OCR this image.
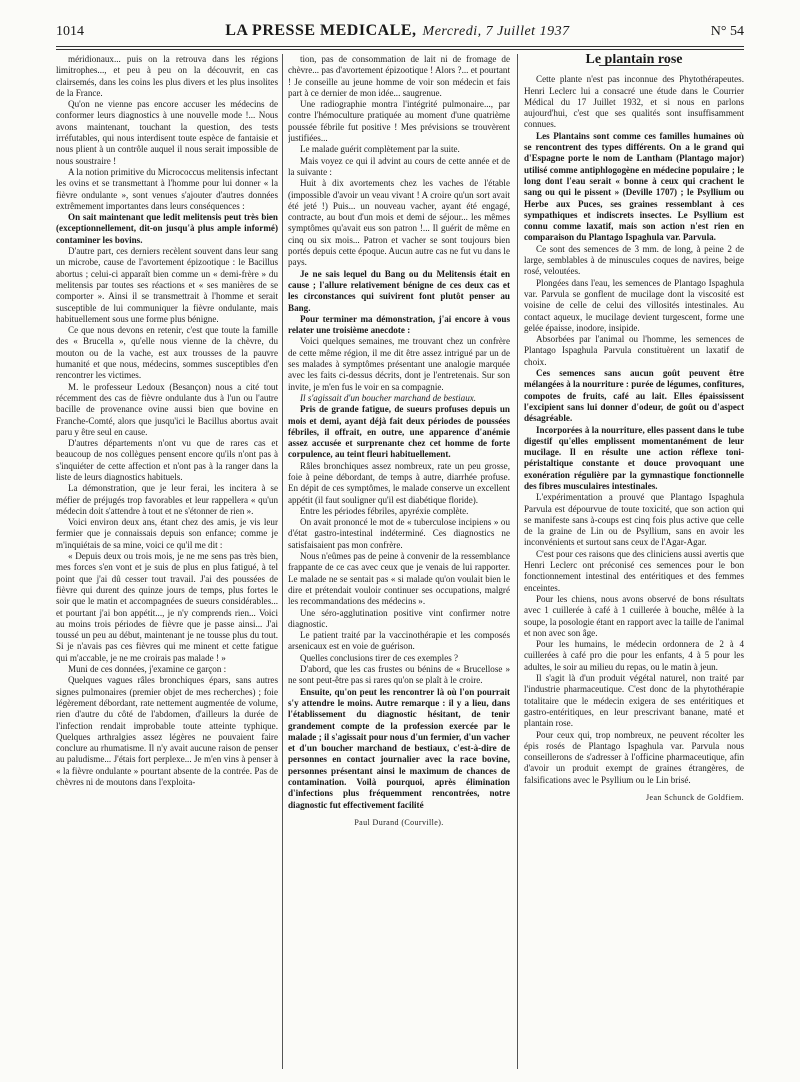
1014	LA PRESSE MEDICALE, Mercredi, 7 Juillet 1937	N° 54

méridionaux... puis on la retrouva dans les régions limitrophes..., et peu à peu on la découvrit, en cas clairsemés, dans les coins les plus divers et les plus insolites de la France.

Qu'on ne vienne pas encore accuser les médecins de conformer leurs diagnostics à une nouvelle mode !... Nous avons maintenant, touchant la question, des tests irréfutables, qui nous interdisent toute espèce de fantaisie et nous plient à un contrôle auquel il nous serait impossible de nous soustraire !

A la notion primitive du Micrococcus melitensis infectant les ovins et se transmettant à l'homme pour lui donner « la fièvre ondulante », sont venues s'ajouter d'autres données extrêmement importantes dans leurs conséquences :

On sait maintenant que ledit melitensis peut très bien (exceptionnellement, dit-on jusqu'à plus ample informé) contaminer les bovins.

D'autre part, ces derniers recèlent souvent dans leur sang un microbe, cause de l'avortement épizootique : le Bacillus abortus ; celui-ci apparaît bien comme un « demi-frère » du melitensis par toutes ses réactions et « ses manières de se comporter ». Ainsi il se transmettrait à l'homme et serait susceptible de lui communiquer la fièvre ondulante, mais habituellement sous une forme plus bénigne.

Ce que nous devons en retenir, c'est que toute la famille des « Brucella », qu'elle nous vienne de la chèvre, du mouton ou de la vache, est aux trousses de la pauvre humanité et que nous, médecins, sommes susceptibles d'en rencontrer les victimes.

M. le professeur Ledoux (Besançon) nous a cité tout récemment des cas de fièvre ondulante dus à l'un ou l'autre bacille de provenance ovine aussi bien que bovine en Franche-Comté, alors que jusqu'ici le Bacillus abortus avait paru y être seul en cause.

D'autres départements n'ont vu que de rares cas et beaucoup de nos collègues pensent encore qu'ils n'ont pas à s'inquiéter de cette affection et n'ont pas à la ranger dans la liste de leurs diagnostics habituels.

La démonstration, que je leur ferai, les incitera à se méfier de préjugés trop favorables et leur rappellera « qu'un médecin doit s'attendre à tout et ne s'étonner de rien ».

Voici environ deux ans, étant chez des amis, je vis leur fermier que je connaissais depuis son enfance; comme je m'inquiétais de sa mine, voici ce qu'il me dit :

« Depuis deux ou trois mois, je ne me sens pas très bien, mes forces s'en vont et je suis de plus en plus fatigué, à tel point que j'ai dû cesser tout travail. J'ai des poussées de fièvre qui durent des quinze jours de temps, plus fortes le soir que le matin et accompagnées de sueurs considérables... et pourtant j'ai bon appétit..., je n'y comprends rien... Voici au moins trois périodes de fièvre que je passe ainsi... J'ai toussé un peu au début, maintenant je ne tousse plus du tout. Si je n'avais pas ces fièvres qui me minent et cette fatigue qui m'accable, je ne me croirais pas malade ! »

Muni de ces données, j'examine ce garçon :

Quelques vagues râles bronchiques épars, sans autres signes pulmonaires (premier objet de mes recherches) ; foie légèrement débordant, rate nettement augmentée de volume, rien d'autre du côté de l'abdomen, d'ailleurs la durée de l'infection rendait improbable toute atteinte typhique. Quelques arthralgies assez légères ne pouvaient faire conclure au rhumatisme. Il n'y avait aucune raison de penser au paludisme... J'étais fort perplexe... Je m'en vins à penser à « la fièvre ondulante » pourtant absente de la contrée. Pas de chèvres ni de moutons dans l'exploita-

tion, pas de consommation de lait ni de fromage de chèvre... pas d'avortement épizootique ! Alors ?... et pourtant ! Je conseille au jeune homme de voir son médecin et fais part à ce dernier de mon idée... saugrenue.

Une radiographie montra l'intégrité pulmonaire..., par contre l'hémoculture pratiquée au moment d'une quatrième poussée fébrile fut positive ! Mes prévisions se trouvèrent justifiées...

Le malade guérit complètement par la suite.

Mais voyez ce qui il advint au cours de cette année et de la suivante :

Huit à dix avortements chez les vaches de l'étable (impossible d'avoir un veau vivant ! A croire qu'un sort avait été jeté !) Puis... un nouveau vacher, ayant été engagé, contracte, au bout d'un mois et demi de séjour... les mêmes symptômes qu'avait eus son patron !... Il guérit de même en cinq ou six mois... Patron et vacher se sont toujours bien portés depuis cette époque. Aucun autre cas ne fut vu dans le pays.

Je ne sais lequel du Bang ou du Melitensis était en cause ; l'allure relativement bénigne de ces deux cas et les circonstances qui suivirent font plutôt penser au Bang.

Pour terminer ma démonstration, j'ai encore à vous relater une troisième anecdote :

Voici quelques semaines, me trouvant chez un confrère de cette même région, il me dit être assez intrigué par un de ses malades à symptômes présentant une analogie marquée avec les faits ci-dessus décrits, dont je l'entretenais. Sur son invite, je m'en fus le voir en sa compagnie.

Il s'agissait d'un boucher marchand de bestiaux.

Pris de grande fatigue, de sueurs profuses depuis un mois et demi, ayant déjà fait deux périodes de poussées fébriles, il offrait, en outre, une apparence d'anémie assez accusée et surprenante chez cet homme de forte corpulence, au teint fleuri habituellement.

Râles bronchiques assez nombreux, rate un peu grosse, foie à peine débordant, de temps à autre, diarrhée profuse. En dépit de ces symptômes, le malade conserve un excellent appétit (il faut souligner qu'il est diabétique floride).

Entre les périodes fébriles, apyréxie complète.

On avait prononcé le mot de « tuberculose incipiens » ou d'état gastro-intestinal indéterminé. Ces diagnostics ne satisfaisaient pas mon confrère.

Nous n'eûmes pas de peine à convenir de la ressemblance frappante de ce cas avec ceux que je venais de lui rapporter. Le malade ne se sentait pas « si malade qu'on voulait bien le dire et prétendait vouloir continuer ses occupations, malgré les recommandations des médecins ».

Une séro-agglutination positive vint confirmer notre diagnostic.

Le patient traité par la vaccinothérapie et les composés arsenicaux est en voie de guérison.

Quelles conclusions tirer de ces exemples ?

D'abord, que les cas frustes ou bénins de « Brucellose » ne sont peut-être pas si rares qu'on se plaît à le croire.

Ensuite, qu'on peut les rencontrer là où l'on pourrait s'y attendre le moins. Autre remarque : il y a lieu, dans l'établissement du diagnostic hésitant, de tenir grandement compte de la profession exercée par le malade ; il s'agissait pour nous d'un fermier, d'un vacher et d'un boucher marchand de bestiaux, c'est-à-dire de personnes en contact journalier avec la race bovine, personnes présentant ainsi le maximum de chances de contamination. Voilà pourquoi, après élimination d'infections plus fréquemment rencontrées, notre diagnostic fut effectivement facilité

Paul Durand (Courville).

Le plantain rose

Cette plante n'est pas inconnue des Phytothérapeutes. Henri Leclerc lui a consacré une étude dans le Courrier Médical du 17 Juillet 1932, et si nous en parlons aujourd'hui, c'est que ses qualités sont insuffisamment connues.

Les Plantains sont comme ces familles humaines où se rencontrent des types différents. On a le grand qui d'Espagne porte le nom de Lantham (Plantago major) utilisé comme antiphlogogène en médecine populaire ; le long dont l'eau serait « bonne à ceux qui crachent le sang ou qui le pissent » (Deville 1707) ; le Psyllium ou Herbe aux Puces, ses graines ressemblant à ces sympathiques et indiscrets insectes. Le Psyllium est connu comme laxatif, mais son action n'est rien en comparaison du Plantago Ispaghula var. Parvula.

Ce sont des semences de 3 mm. de long, à peine 2 de large, semblables à de minuscules coques de navires, beige rosé, veloutées.

Plongées dans l'eau, les semences de Plantago Ispaghula var. Parvula se gonflent de mucilage dont la viscosité est voisine de celle de celui des villosités intestinales. Au contact aqueux, le mucilage devient turgescent, forme une gelée épaisse, inodore, insipide.

Absorbées par l'animal ou l'homme, les semences de Plantago Ispaghula Parvula constituèrent un laxatif de choix.

Ces semences sans aucun goût peuvent être mélangées à la nourriture : purée de légumes, confitures, compotes de fruits, café au lait. Elles épaississent l'excipient sans lui donner d'odeur, de goût ou d'aspect désagréable.

Incorporées à la nourriture, elles passent dans le tube digestif qu'elles emplissent momentanément de leur mucilage. Il en résulte une action réflexe toni-péristaltique constante et douce provoquant une exonération régulière par la gymnastique fonctionnelle des fibres musculaires intestinales.

L'expérimentation a prouvé que Plantago Ispaghula Parvula est dépourvue de toute toxicité, que son action qui se manifeste sans à-coups est cinq fois plus active que celle de la graine de Lin ou de Psyllium, sans en avoir les inconvénients et surtout sans ceux de l'Agar-Agar.

C'est pour ces raisons que des cliniciens aussi avertis que Henri Leclerc ont préconisé ces semences pour le bon fonctionnement intestinal des entéritiques et des femmes enceintes.

Pour les chiens, nous avons observé de bons résultats avec 1 cuillerée à café à 1 cuillerée à bouche, mêlée à la soupe, la posologie étant en rapport avec la taille de l'animal et non avec son âge.

Pour les humains, le médecin ordonnera de 2 à 4 cuillerées à café pro die pour les enfants, 4 à 5 pour les adultes, le soir au milieu du repas, ou le matin à jeun.

Il s'agit là d'un produit végétal naturel, non traité par l'industrie pharmaceutique. C'est donc de la phytothérapie totalitaire que le médecin exigera de ses entéritiques et gastro-entéritiques, en leur prescrivant banane, maté et plantain rose.

Pour ceux qui, trop nombreux, ne peuvent récolter les épis rosés de Plantago Ispaghula var. Parvula nous conseillerons de s'adresser à l'officine pharmaceutique, afin d'avoir un produit exempt de graines étrangères, de falsifications avec le Psyllium ou le Lin brisé.

Jean Schunck de Goldfiem.
